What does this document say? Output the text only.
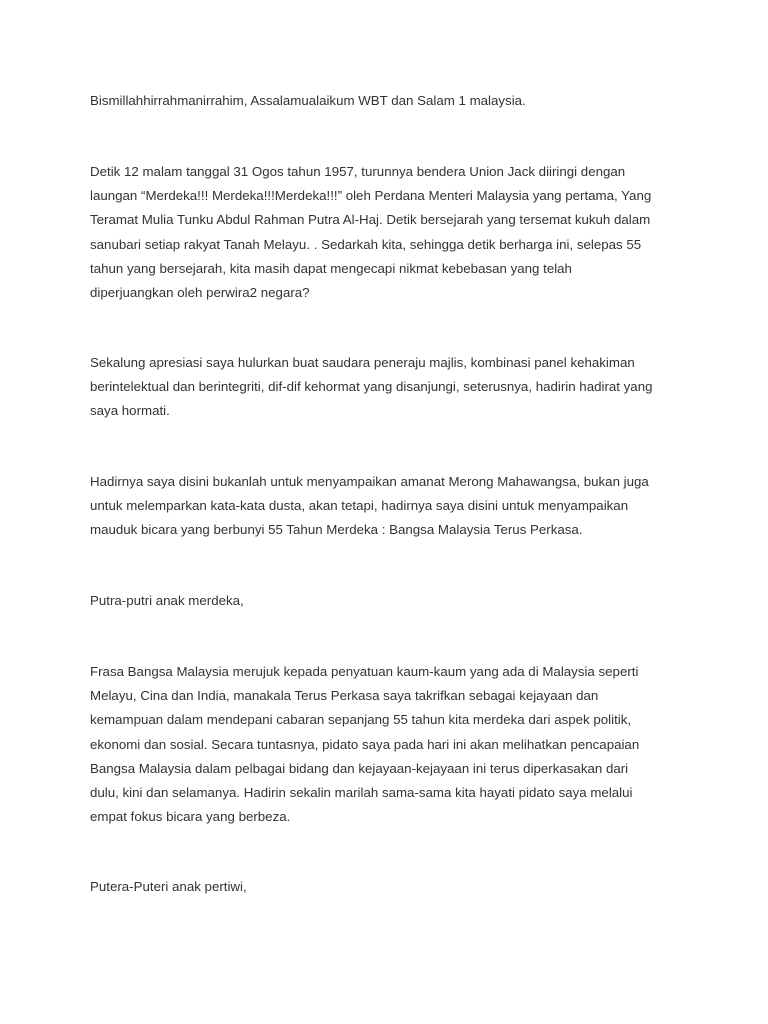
Bismillahhirrahmanirrahim, Assalamualaikum WBT dan Salam 1 malaysia.

Detik 12 malam tanggal 31 Ogos tahun 1957, turunnya bendera Union Jack diiringi dengan
laungan “Merdeka!!! Merdeka!!!Merdeka!!!” oleh Perdana Menteri Malaysia yang pertama, Yang
Teramat Mulia Tunku Abdul Rahman Putra Al-Haj. Detik bersejarah yang tersemat kukuh dalam
sanubari setiap rakyat Tanah Melayu. . Sedarkah kita, sehingga detik berharga ini, selepas 55
tahun yang bersejarah, kita masih dapat mengecapi nikmat kebebasan yang telah
diperjuangkan oleh perwira2 negara?

Sekalung apresiasi saya hulurkan buat saudara peneraju majlis, kombinasi panel kehakiman
berintelektual dan berintegriti, dif-dif kehormat yang disanjungi, seterusnya, hadirin hadirat yang
saya hormati.

Hadirnya saya disini bukanlah untuk menyampaikan amanat Merong Mahawangsa, bukan juga
untuk melemparkan kata-kata dusta, akan tetapi, hadirnya saya disini untuk menyampaikan
mauduk bicara yang berbunyi 55 Tahun Merdeka : Bangsa Malaysia Terus Perkasa.

Putra-putri anak merdeka,

Frasa Bangsa Malaysia merujuk kepada penyatuan kaum-kaum yang ada di Malaysia seperti
Melayu, Cina dan India, manakala Terus Perkasa saya takrifkan sebagai kejayaan dan
kemampuan dalam mendepani cabaran sepanjang 55 tahun kita merdeka dari aspek politik,
ekonomi dan sosial. Secara tuntasnya, pidato saya pada hari ini akan melihatkan pencapaian
Bangsa Malaysia dalam pelbagai bidang dan kejayaan-kejayaan ini terus diperkasakan dari
dulu, kini dan selamanya. Hadirin sekalin marilah sama-sama kita hayati pidato saya melalui
empat fokus bicara yang berbeza.

Putera-Puteri anak pertiwi,
